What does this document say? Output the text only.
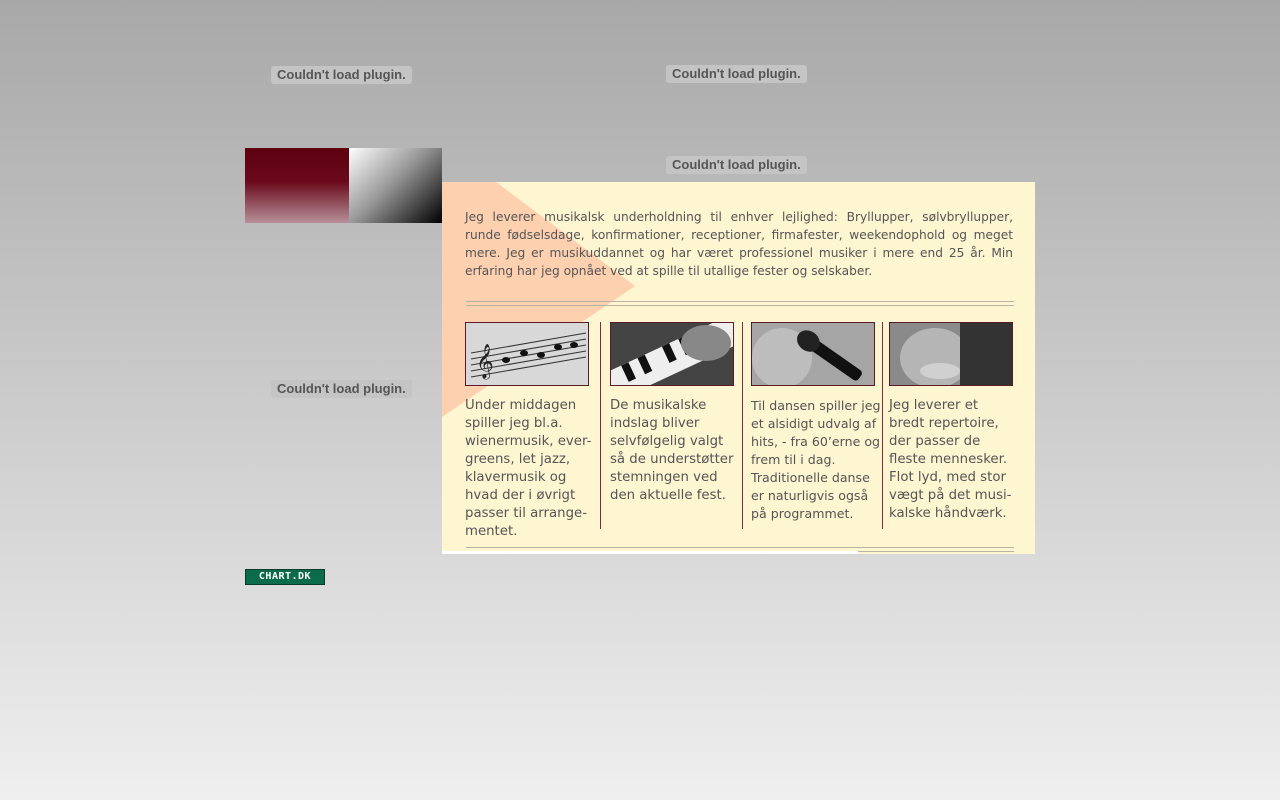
Couldn't load plugin.	Couldn't load plugin.
Couldn't load plugin.
Couldn't load plugin.
Jeg leverer musikalsk underholdning til enhver lejlighed: Bryllupper, sølvbryllupper, runde fødselsdage, konfirmationer, receptioner, firmafester, weekendophold og meget mere. Jeg er musikuddannet og har været professionel musiker i mere end 25 år. Min erfaring har jeg opnået ved at spille til utallige fester og selskaber.
𝄞
Under middagen
spiller jeg bl.a.
wienermusik, ever-
greens, let jazz,
klavermusik og
hvad der i øvrigt
passer til arrange-
mentet.
De musikalske
indslag bliver
selvfølgelig valgt
så de understøtter
stemningen ved
den aktuelle fest.
Til dansen spiller jeg
et alsidigt udvalg af
hits, - fra 60’erne og
frem til i dag.
Traditionelle danse
er naturligvis også
på programmet.
Jeg leverer et
bredt repertoire,
der passer de
fleste mennesker.
Flot lyd, med stor
vægt på det musi-
kalske håndværk.
CHART.DK
